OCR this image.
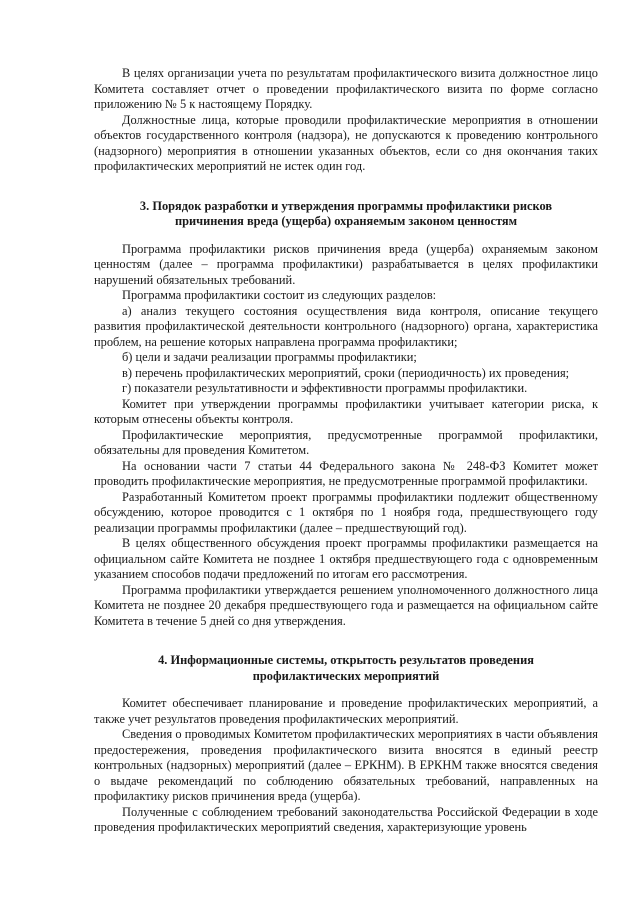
В целях организации учета по результатам профилактического визита должностное лицо Комитета составляет отчет о проведении профилактического визита по форме согласно приложению № 5 к настоящему Порядку.

Должностные лица, которые проводили профилактические мероприятия в отношении объектов государственного контроля (надзора), не допускаются к проведению контрольного (надзорного) мероприятия в отношении указанных объектов, если со дня окончания таких профилактических мероприятий не истек один год.

3. Порядок разработки и утверждения программы профилактики рисков
причинения вреда (ущерба) охраняемым законом ценностям

Программа профилактики рисков причинения вреда (ущерба) охраняемым законом ценностям (далее – программа профилактики) разрабатывается в целях профилактики нарушений обязательных требований.

Программа профилактики состоит из следующих разделов:

а) анализ текущего состояния осуществления вида контроля, описание текущего развития профилактической деятельности контрольного (надзорного) органа, характеристика проблем, на решение которых направлена программа профилактики;

б) цели и задачи реализации программы профилактики;

в) перечень профилактических мероприятий, сроки (периодичность) их проведения;

г) показатели результативности и эффективности программы профилактики.

Комитет при утверждении программы профилактики учитывает категории риска, к которым отнесены объекты контроля.

Профилактические мероприятия, предусмотренные программой профилактики, обязательны для проведения Комитетом.

На основании части 7 статьи 44 Федерального закона № 248-ФЗ Комитет может проводить профилактические мероприятия, не предусмотренные программой профилактики.

Разработанный Комитетом проект программы профилактики подлежит общественному обсуждению, которое проводится с 1 октября по 1 ноября года, предшествующего году реализации программы профилактики (далее – предшествующий год).

В целях общественного обсуждения проект программы профилактики размещается на официальном сайте Комитета не позднее 1 октября предшествующего года с одновременным указанием способов подачи предложений по итогам его рассмотрения.

Программа профилактики утверждается решением уполномоченного должностного лица Комитета не позднее 20 декабря предшествующего года и размещается на официальном сайте Комитета в течение 5 дней со дня утверждения.

4. Информационные системы, открытость результатов проведения
профилактических мероприятий

Комитет обеспечивает планирование и проведение профилактических мероприятий, а также учет результатов проведения профилактических мероприятий.

Сведения о проводимых Комитетом профилактических мероприятиях в части объявления предостережения, проведения профилактического визита вносятся в единый реестр контрольных (надзорных) мероприятий (далее – ЕРКНМ). В ЕРКНМ также вносятся сведения о выдаче рекомендаций по соблюдению обязательных требований, направленных на профилактику рисков причинения вреда (ущерба).

Полученные с соблюдением требований законодательства Российской Федерации в ходе проведения профилактических мероприятий сведения, характеризующие уровень
